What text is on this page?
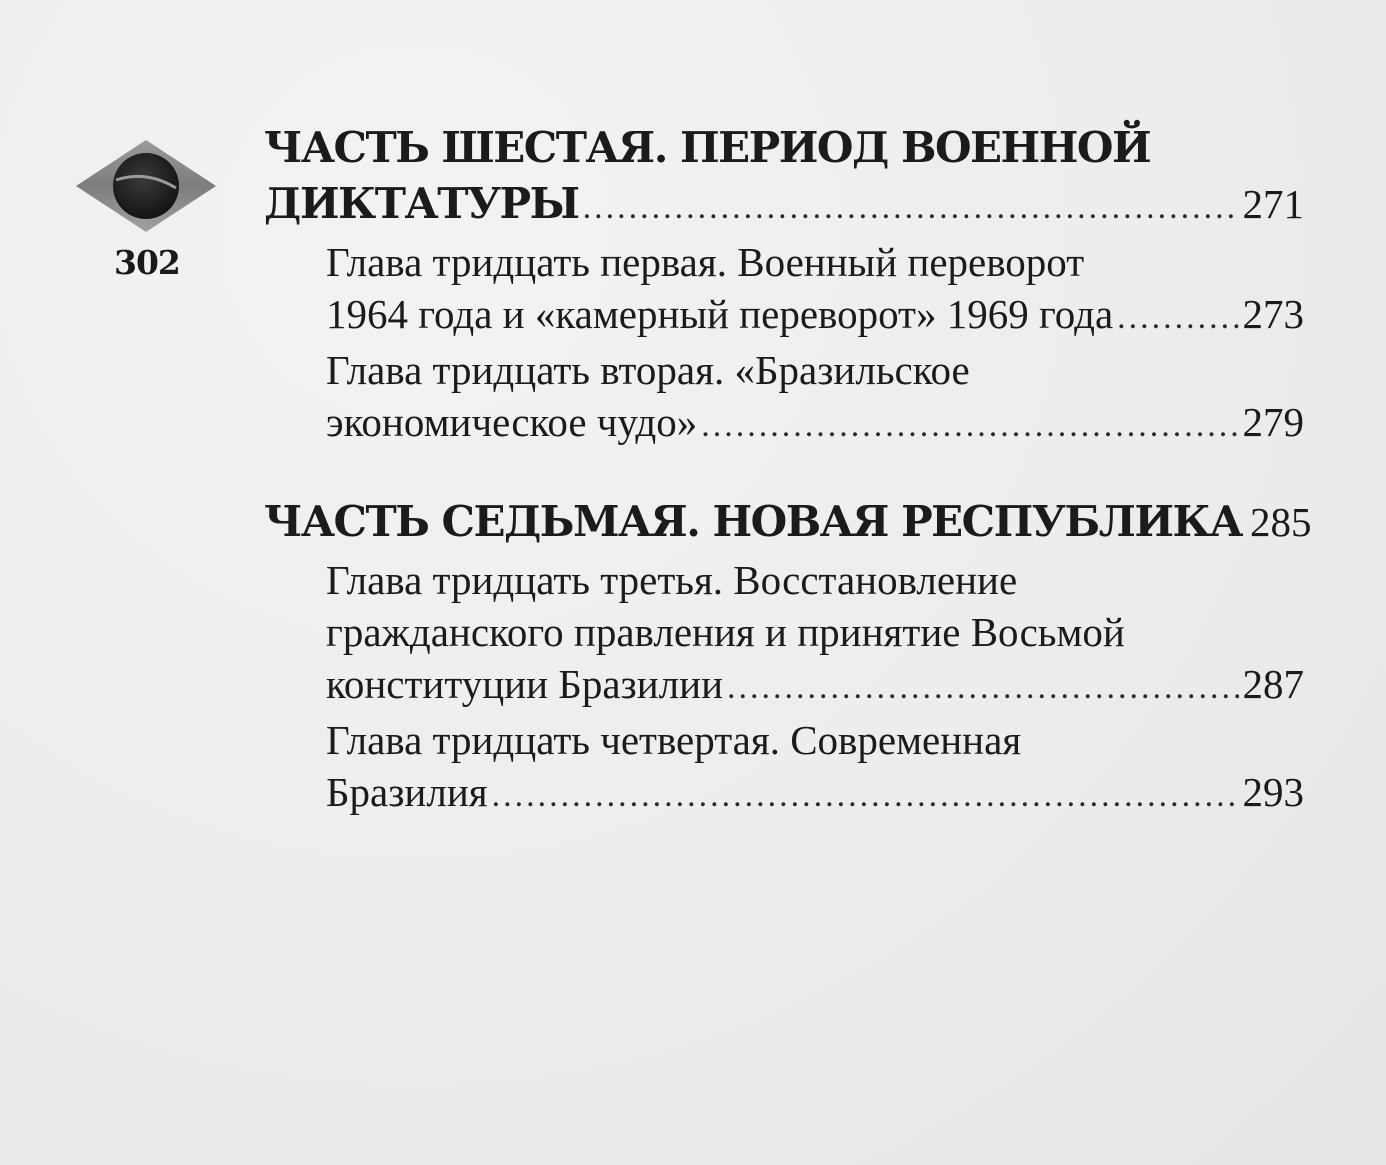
302
ЧАСТЬ ШЕСТАЯ. ПЕРИОД ВОЕННОЙ
ДИКТАТУРЫ .....	271
Глава тридцать первая. Военный переворот
1964 года и «камерный переворот» 1969 года .....	273
Глава тридцать вторая. «Бразильское
экономическое чудо» .....	279
ЧАСТЬ СЕДЬМАЯ. НОВАЯ РЕСПУБЛИКА 285
Глава тридцать третья. Восстановление
гражданского правления и принятие Восьмой
конституции Бразилии .....	287
Глава тридцать четвертая. Современная
Бразилия .....	293
